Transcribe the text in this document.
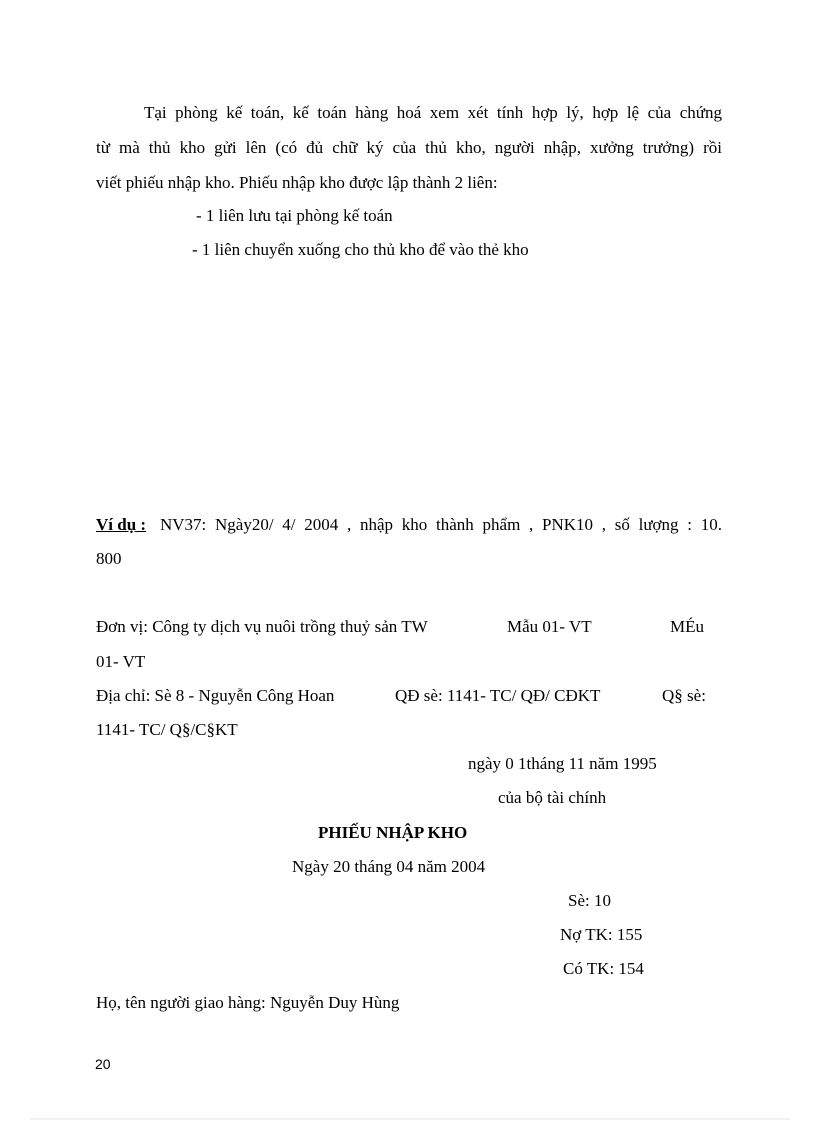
Tại phòng kế toán, kế toán hàng hoá xem xét tính hợp lý, hợp lệ của chứng
từ mà thủ kho gửi lên (có đủ chữ ký của thủ kho, người nhập, xưởng trưởng) rồi
viết phiếu nhập kho. Phiếu nhập kho được lập thành 2 liên:
- 1 liên lưu tại phòng kế toán
- 1 liên chuyển xuống cho thủ kho để vào thẻ kho
Ví dụ : NV37: Ngày20/ 4/ 2004 , nhập kho thành phẩm , PNK10 , số lượng : 10.
800
Đơn vị: Công ty dịch vụ nuôi trồng thuỷ sản TW	Mẫu 01- VT	MÉu
01- VT
Địa chỉ: Sè 8 - Nguyễn Công Hoan	QĐ sè: 1141- TC/ QĐ/ CĐKT	Q§ sè:
1141- TC/ Q§/C§KT
ngày 0 1tháng 11 năm 1995
của bộ tài chính
PHIẾU NHẬP KHO
Ngày 20 tháng 04 năm 2004
Sè: 10
Nợ TK: 155
Có TK: 154
Họ, tên người giao hàng: Nguyễn Duy Hùng
20
